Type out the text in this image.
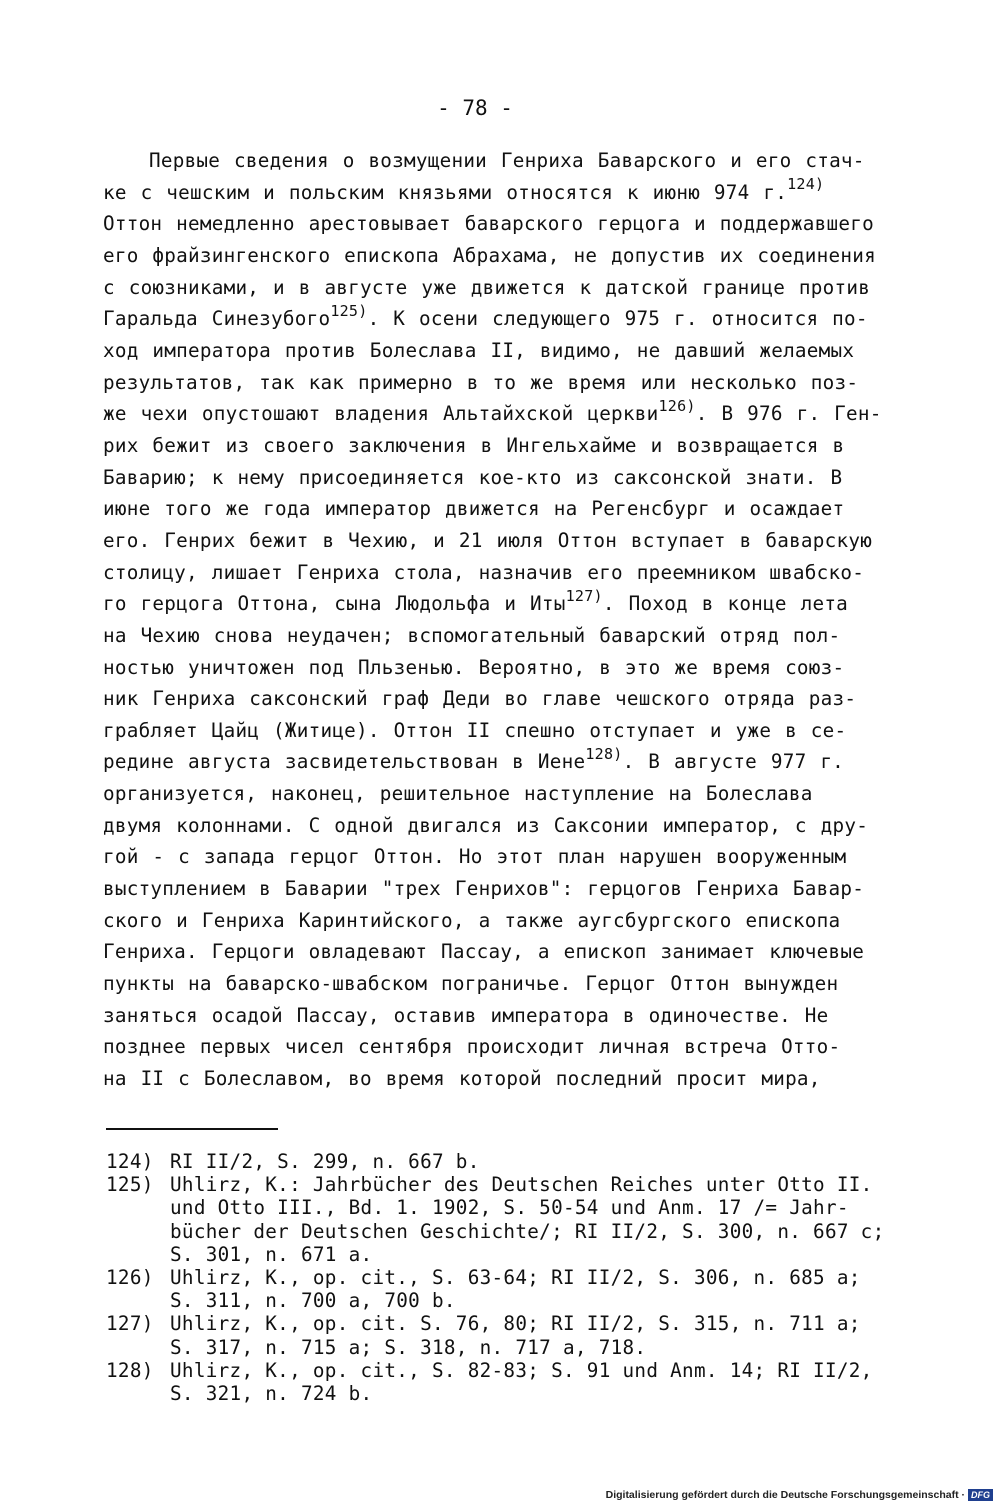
- 78 -
Первые сведения о возмущении Генриха Баварского и его стач-
ке с чешским и польским князьями относятся к июню 974 г.$^{124)}$
Оттон немедленно арестовывает баварского герцога и поддержавшего
его фрайзингенского епископа Абрахама, не допустив их соединения
с союзниками, и в августе уже движется к датской границе против
Гаральда Синезубого$^{125)}$. К осени следующего 975 г. относится по-
ход императора против Болеслава II, видимо, не давший желаемых
результатов, так как примерно в то же время или несколько поз-
же чехи опустошают владения Альтайхской церкви$^{126)}$. В 976 г. Ген-
рих бежит из своего заключения в Ингельхайме и возвращается в
Баварию; к нему присоединяется кое-кто из саксонской знати. В
июне того же года император движется на Регенсбург и осаждает
его. Генрих бежит в Чехию, и 21 июля Оттон вступает в баварскую
столицу, лишает Генриха стола, назначив его преемником швабско-
го герцога Оттона, сына Людольфа и Иты$^{127)}$. Поход в конце лета
на Чехию снова неудачен; вспомогательный баварский отряд пол-
ностью уничтожен под Пльзенью. Вероятно, в это же время союз-
ник Генриха саксонский граф Деди во главе чешского отряда раз-
грабляет Цайц (Житице). Оттон II спешно отступает и уже в се-
редине августа засвидетельствован в Иене$^{128)}$. В августе 977 г.
организуется, наконец, решительное наступление на Болеслава
двумя колоннами. С одной двигался из Саксонии император, с дру-
гой - с запада герцог Оттон. Но этот план нарушен вооруженным
выступлением в Баварии "трех Генрихов": герцогов Генриха Бавар-
ского и Генриха Каринтийского, а также аугсбургского епископа
Генриха. Герцоги овладевают Пассау, а епископ занимает ключевые
пункты на баварско-швабском пограничье. Герцог Оттон вынужден
заняться осадой Пассау, оставив императора в одиночестве. Не
позднее первых чисел сентября происходит личная встреча Отто-
на II с Болеславом, во время которой последний просит мира,
124) RI II/2, S. 299, n. 667 b.
125) Uhlirz, K.: Jahrbücher des Deutschen Reiches unter Otto II.
und Otto III., Bd. 1. 1902, S. 50-54 und Anm. 17 /= Jahr-
bücher der Deutschen Geschichte/; RI II/2, S. 300, n. 667 c;
S. 301, n. 671 a.
126) Uhlirz, K., op. cit., S. 63-64; RI II/2, S. 306, n. 685 a;
S. 311, n. 700 a, 700 b.
127) Uhlirz, K., op. cit. S. 76, 80; RI II/2, S. 315, n. 711 a;
S. 317, n. 715 a; S. 318, n. 717 a, 718.
128) Uhlirz, K., op. cit., S. 82-83; S. 91 und Anm. 14; RI II/2,
S. 321, n. 724 b.
Digitalisierung gefördert durch die Deutsche Forschungsgemeinschaft · DFG
